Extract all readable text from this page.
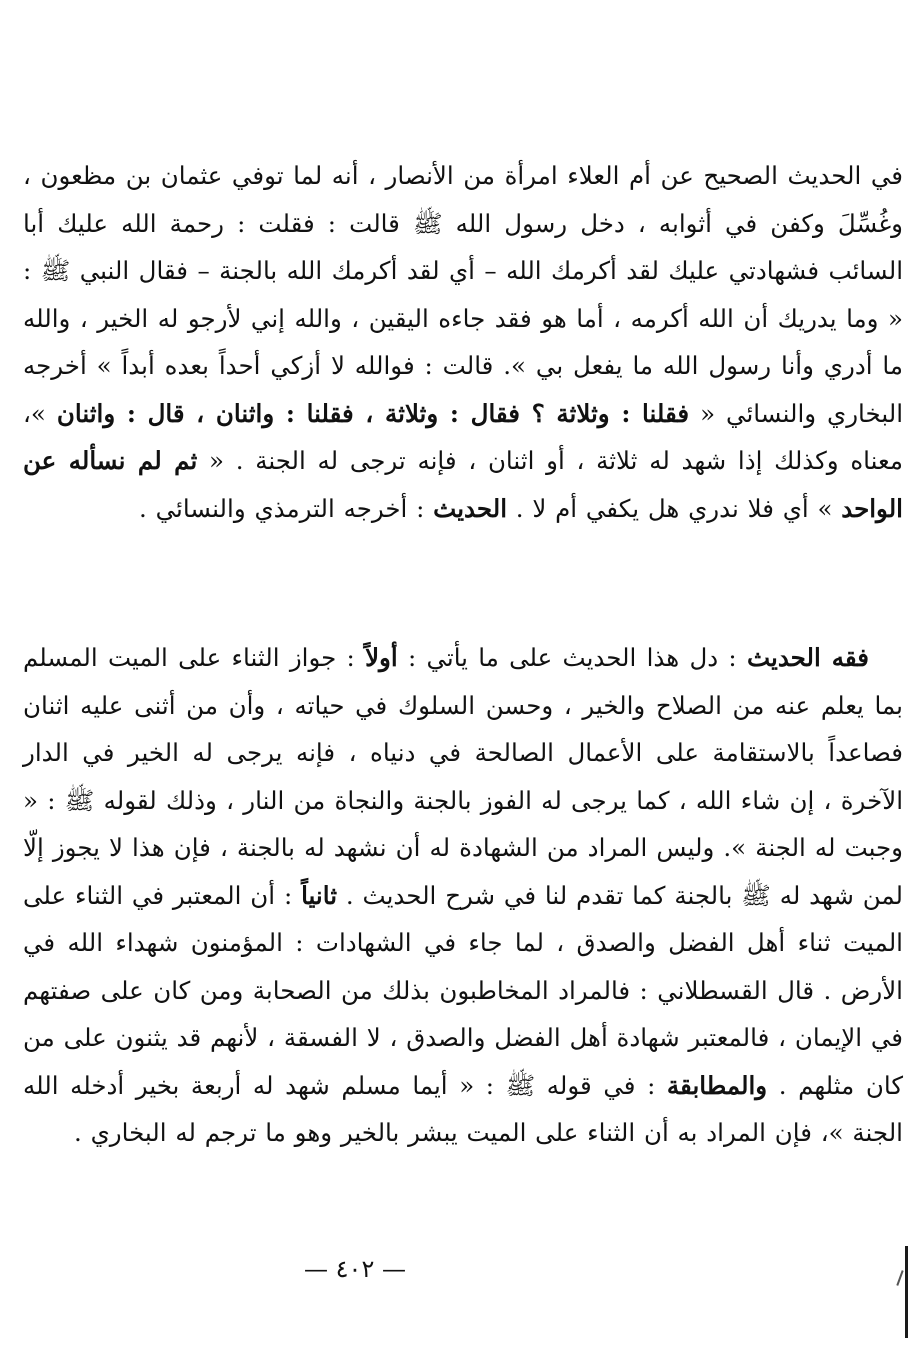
في الحديث الصحيح عن أم العلاء امرأة من الأنصار ، أنه لما توفي عثمان بن مظعون ، وغُسِّلَ وكفن في أثوابه ، دخل رسول الله ﷺ قالت : فقلت : رحمة الله عليك أبا السائب فشهادتي عليك لقد أكرمك الله – أي لقد أكرمك الله بالجنة – فقال النبي ﷺ : « وما يدريك أن الله أكرمه ، أما هو فقد جاءه اليقين ، والله إني لأرجو له الخير ، والله ما أدري وأنا رسول الله ما يفعل بي ». قالت : فوالله لا أزكي أحداً بعده أبداً » أخرجه البخاري والنسائي « فقلنا : وثلاثة ؟ فقال : وثلاثة ، فقلنا : واثنان ، قال : واثنان »، معناه وكذلك إذا شهد له ثلاثة ، أو اثنان ، فإنه ترجى له الجنة . « ثم لم نسأله عن الواحد » أي فلا ندري هل يكفي أم لا . الحديث : أخرجه الترمذي والنسائي .

فقه الحديث : دل هذا الحديث على ما يأتي : أولاً : جواز الثناء على الميت المسلم بما يعلم عنه من الصلاح والخير ، وحسن السلوك في حياته ، وأن من أثنى عليه اثنان فصاعداً بالاستقامة على الأعمال الصالحة في دنياه ، فإنه يرجى له الخير في الدار الآخرة ، إن شاء الله ، كما يرجى له الفوز بالجنة والنجاة من النار ، وذلك لقوله ﷺ : « وجبت له الجنة ». وليس المراد من الشهادة له أن نشهد له بالجنة ، فإن هذا لا يجوز إلّا لمن شهد له ﷺ بالجنة كما تقدم لنا في شرح الحديث . ثانياً : أن المعتبر في الثناء على الميت ثناء أهل الفضل والصدق ، لما جاء في الشهادات : المؤمنون شهداء الله في الأرض . قال القسطلاني : فالمراد المخاطبون بذلك من الصحابة ومن كان على صفتهم في الإيمان ، فالمعتبر شهادة أهل الفضل والصدق ، لا الفسقة ، لأنهم قد يثنون على من كان مثلهم . والمطابقة : في قوله ﷺ : « أيما مسلم شهد له أربعة بخير أدخله الله الجنة »، فإن المراد به أن الثناء على الميت يبشر بالخير وهو ما ترجم له البخاري .

— ٤٠٢ —
